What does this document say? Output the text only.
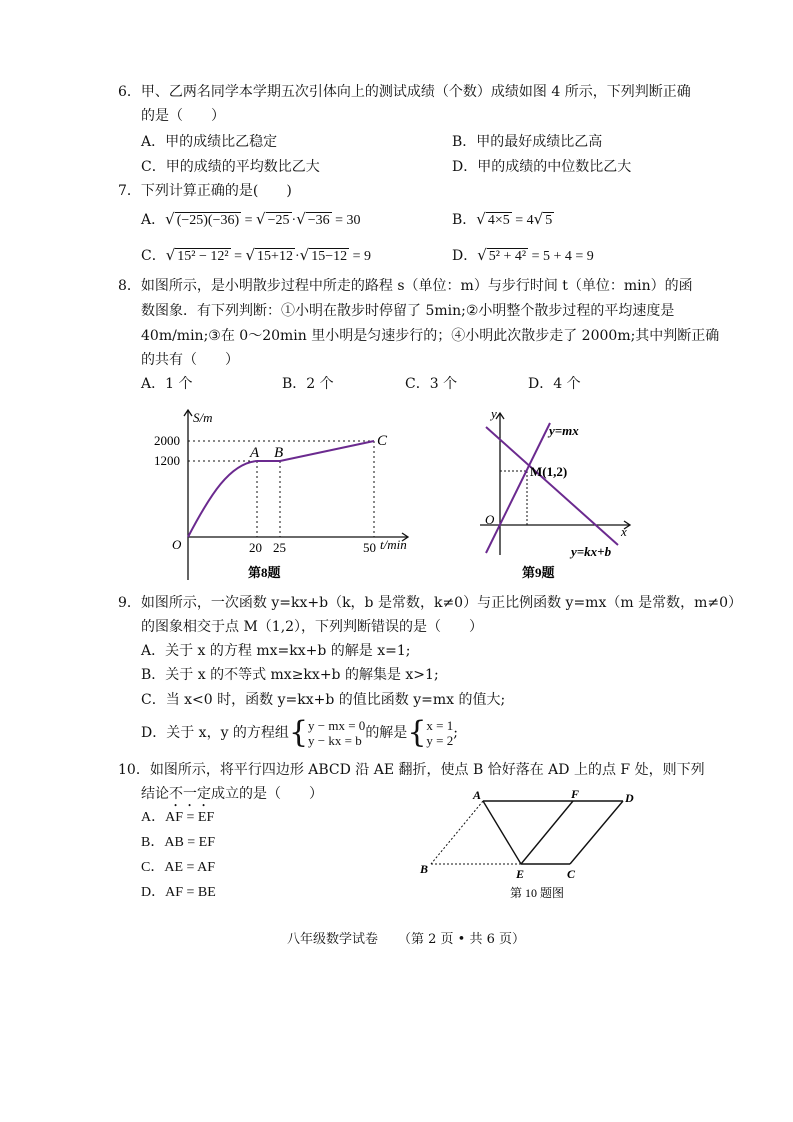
6．甲、乙两名同学本学期五次引体向上的测试成绩（个数）成绩如图 4 所示，下列判断正确
的是（　　）
A．甲的成绩比乙稳定	B．甲的最好成绩比乙高
C．甲的成绩的平均数比乙大	D．甲的成绩的中位数比乙大
7．下列计算正确的是(　　)
A．√ (−25)(−36) = √ −25 ·√ −36 = 30	B．√ 4×5 = 4√ 5
C．√ 15² − 12² = √ 15+12 ·√ 15−12 = 9	D．√ 5² + 4² = 5 + 4 = 9
8．如图所示，是小明散步过程中所走的路程 s（单位：m）与步行时间 t（单位：min）的函
数图象．有下列判断：①小明在散步时停留了 5min;②小明整个散步过程的平均速度是
40m/min;③在 0～20min 里小明是匀速步行的；④小明此次散步走了 2000m;其中判断正确
的共有（　　）
A．1 个	B．2 个	C．3 个	D．4 个
S/m
t/min
O
2000
1200
20 25	50
A B
C
第8题
y
x
O
y=mx
y=kx+b
M(1,2)
第9题
9．如图所示，一次函数 y=kx+b（k，b 是常数，k≠0）与正比例函数 y=mx（m 是常数，m≠0）
的图象相交于点 M（1,2），下列判断错误的是（　　）
A．关于 x 的方程 mx=kx+b 的解是 x=1;
B．关于 x 的不等式 mx≥kx+b 的解集是 x>1;
C．当 x<0 时，函数 y=kx+b 的值比函数 y=mx 的值大;
D．关于 x，y 的方程组{y − mx = 0
y − kx = b 的解是{x = 1
y = 2;
10．如图所示，将平行四边形 ABCD 沿 AE 翻折，使点 B 恰好落在 AD 上的点 F 处，则下列
结论不一定成立的是（　　）
A．AF = EF
B．AB = EF
C．AE = AF
D．AF = BE
A	F	D
B	E	C
第 10 题图
八年级数学试卷 （第 2 页 • 共 6 页）
